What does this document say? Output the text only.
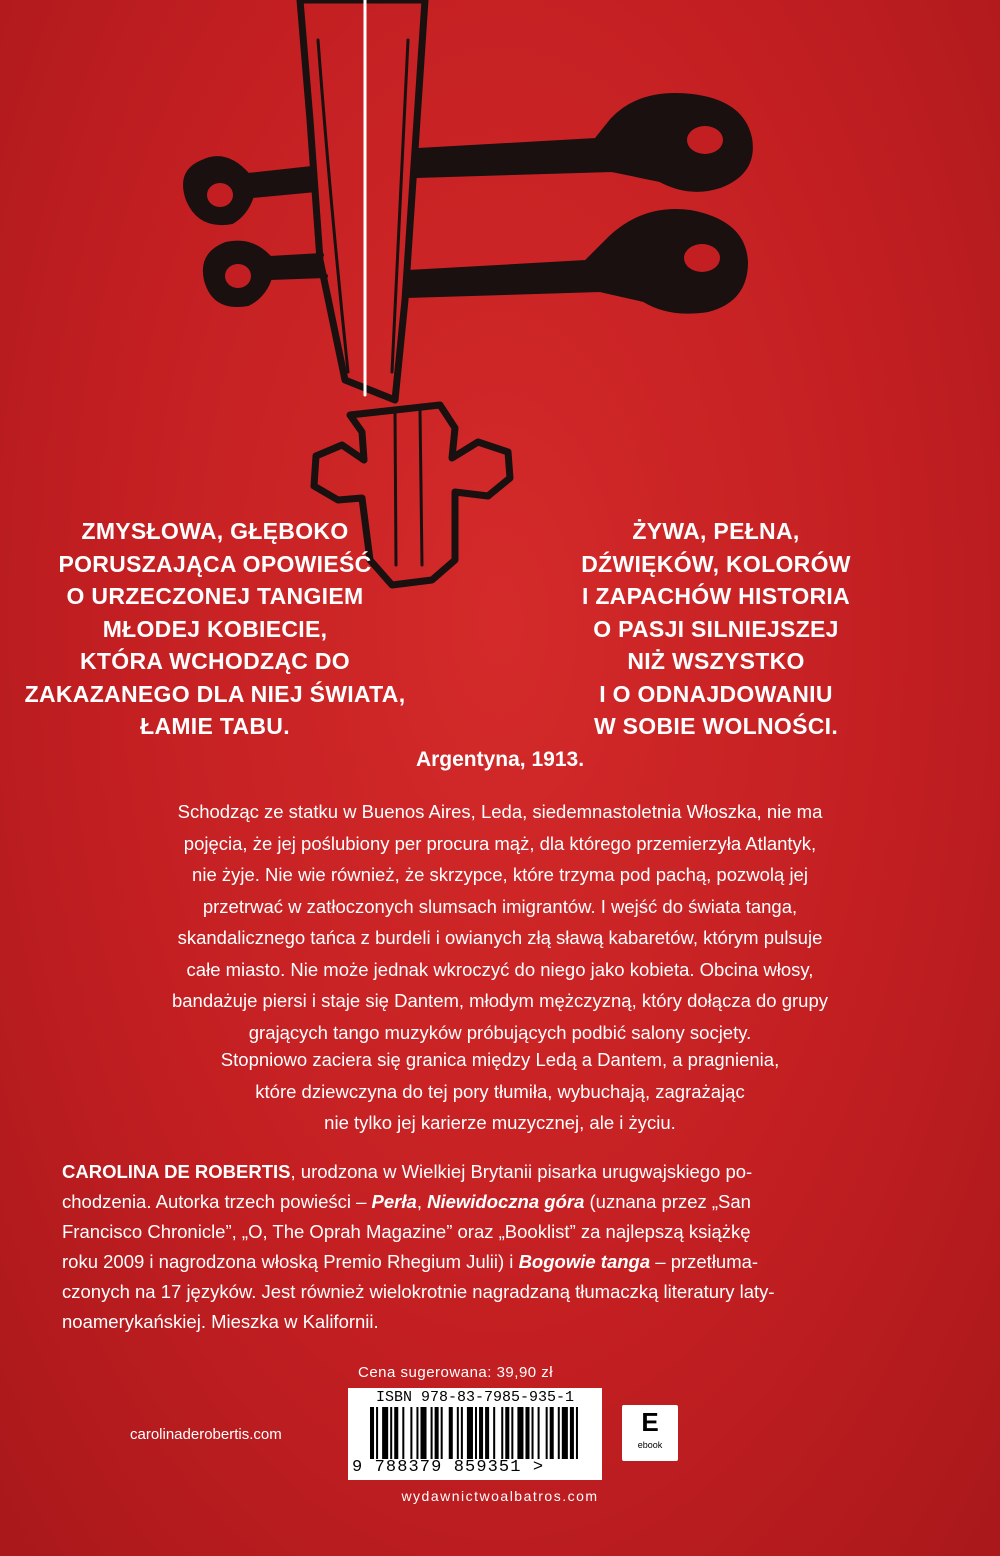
ZMYSŁOWA, GŁĘBOKO
PORUSZAJĄCA OPOWIEŚĆ
O URZECZONEJ TANGIEM
MŁODEJ KOBIECIE,
KTÓRA WCHODZĄC DO
ZAKAZANEGO DLA NIEJ ŚWIATA,
ŁAMIE TABU.
ŻYWA, PEŁNA,
DŹWIĘKÓW, KOLORÓW
I ZAPACHÓW HISTORIA
O PASJI SILNIEJSZEJ
NIŻ WSZYSTKO
I O ODNAJDOWANIU
W SOBIE WOLNOŚCI.
Argentyna, 1913.
Schodząc ze statku w Buenos Aires, Leda, siedemnastoletnia Włoszka, nie ma
pojęcia, że jej poślubiony per procura mąż, dla którego przemierzyła Atlantyk,
nie żyje. Nie wie również, że skrzypce, które trzyma pod pachą, pozwolą jej
przetrwać w zatłoczonych slumsach imigrantów. I wejść do świata tanga,
skandalicznego tańca z burdeli i owianych złą sławą kabaretów, którym pulsuje
całe miasto. Nie może jednak wkroczyć do niego jako kobieta. Obcina włosy,
bandażuje piersi i staje się Dantem, młodym mężczyzną, który dołącza do grupy
grających tango muzyków próbujących podbić salony socjety.
Stopniowo zaciera się granica między Ledą a Dantem, a pragnienia,
które dziewczyna do tej pory tłumiła, wybuchają, zagrażając
nie tylko jej karierze muzycznej, ale i życiu.
CAROLINA DE ROBERTIS, urodzona w Wielkiej Brytanii pisarka urugwajskiego po-
chodzenia. Autorka trzech powieści – Perła, Niewidoczna góra (uznana przez „San
Francisco Chronicle”, „O, The Oprah Magazine” oraz „Booklist” za najlepszą książkę
roku 2009 i nagrodzona włoską Premio Rhegium Julii) i Bogowie tanga – przetłuma-
czonych na 17 języków. Jest również wielokrotnie nagradzaną tłumaczką literatury laty-
noamerykańskiej. Mieszka w Kalifornii.
Cena sugerowana: 39,90 zł
ISBN 978-83-7985-935-1
9 788379 859351 >
E
ebook
carolinaderobertis.com
wydawnictwoalbatros.com
